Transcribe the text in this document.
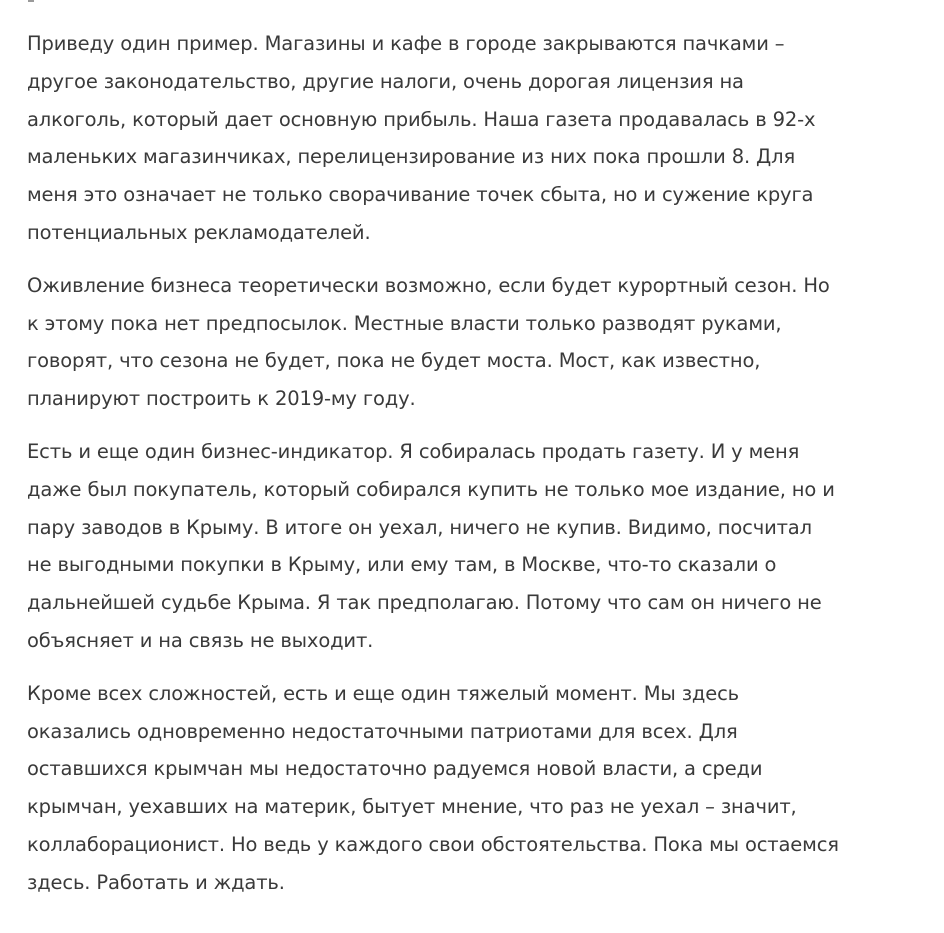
Приведу один пример. Магазины и кафе в городе закрываются пачками –
другое законодательство, другие налоги, очень дорогая лицензия на
алкоголь, который дает основную прибыль. Наша газета продавалась в 92-х
маленьких магазинчиках, перелицензирование из них пока прошли 8. Для
меня это означает не только сворачивание точек сбыта, но и сужение круга
потенциальных рекламодателей.

Оживление бизнеса теоретически возможно, если будет курортный сезон. Но
к этому пока нет предпосылок. Местные власти только разводят руками,
говорят, что сезона не будет, пока не будет моста. Мост, как известно,
планируют построить к 2019-му году.

Есть и еще один бизнес-индикатор. Я собиралась продать газету. И у меня
даже был покупатель, который собирался купить не только мое издание, но и
пару заводов в Крыму. В итоге он уехал, ничего не купив. Видимо, посчитал
не выгодными покупки в Крыму, или ему там, в Москве, что-то сказали о
дальнейшей судьбе Крыма. Я так предполагаю. Потому что сам он ничего не
объясняет и на связь не выходит.

Кроме всех сложностей, есть и еще один тяжелый момент. Мы здесь
оказались одновременно недостаточными патриотами для всех. Для
оставшихся крымчан мы недостаточно радуемся новой власти, а среди
крымчан, уехавших на материк, бытует мнение, что раз не уехал – значит,
коллаборационист. Но ведь у каждого свои обстоятельства. Пока мы остаемся
здесь. Работать и ждать.
